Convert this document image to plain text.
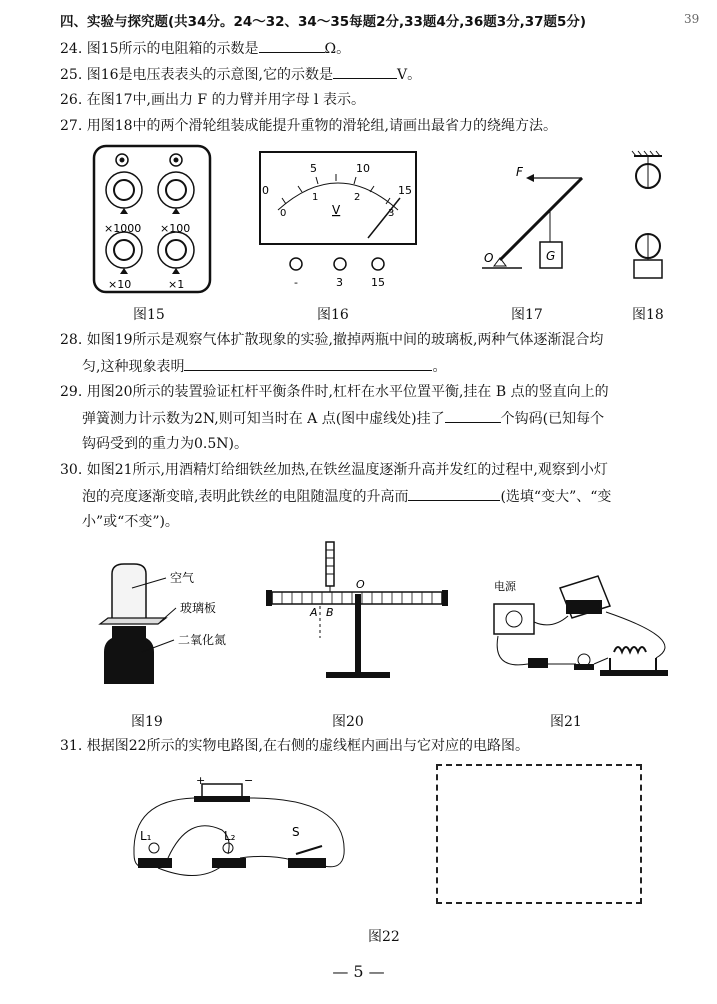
39
四、实验与探究题(共34分。24～32、34～35每题2分,33题4分,36题3分,37题5分)
24. 图15所示的电阻箱的示数是	Ω。
25. 图16是电压表表头的示意图,它的示数是	V。
26. 在图17中,画出力 F 的力臂并用字母 l 表示。
27. 用图18中的两个滑轮组装成能提升重物的滑轮组,请画出最省力的绕绳方法。
×1000 ×100
×10	×1
0
5	10
15
0
1	2
3
V
-	3	15
F
O	G
图15	图16	图17	图18
28. 如图19所示是观察气体扩散现象的实验,撤掉两瓶中间的玻璃板,两种气体逐渐混合均
匀,这种现象表明	。
29. 用图20所示的装置验证杠杆平衡条件时,杠杆在水平位置平衡,挂在 B 点的竖直向上的
弹簧测力计示数为2N,则可知当时在 A 点(图中虚线处)挂了	个钩码(已知每个
钩码受到的重力为0.5N)。
30. 如图21所示,用酒精灯给细铁丝加热,在铁丝温度逐渐升高并发红的过程中,观察到小灯
泡的亮度逐渐变暗,表明此铁丝的电阻随温度的升高而	(选填“变大”、“变
小”或“不变”)。
空气
玻璃板
二氧化氮
A B
O	电源
图19	图20	图21
31. 根据图22所示的实物电路图,在右侧的虚线框内画出与它对应的电路图。
+	−
L₁	L₂	S
图22
— 5 —
